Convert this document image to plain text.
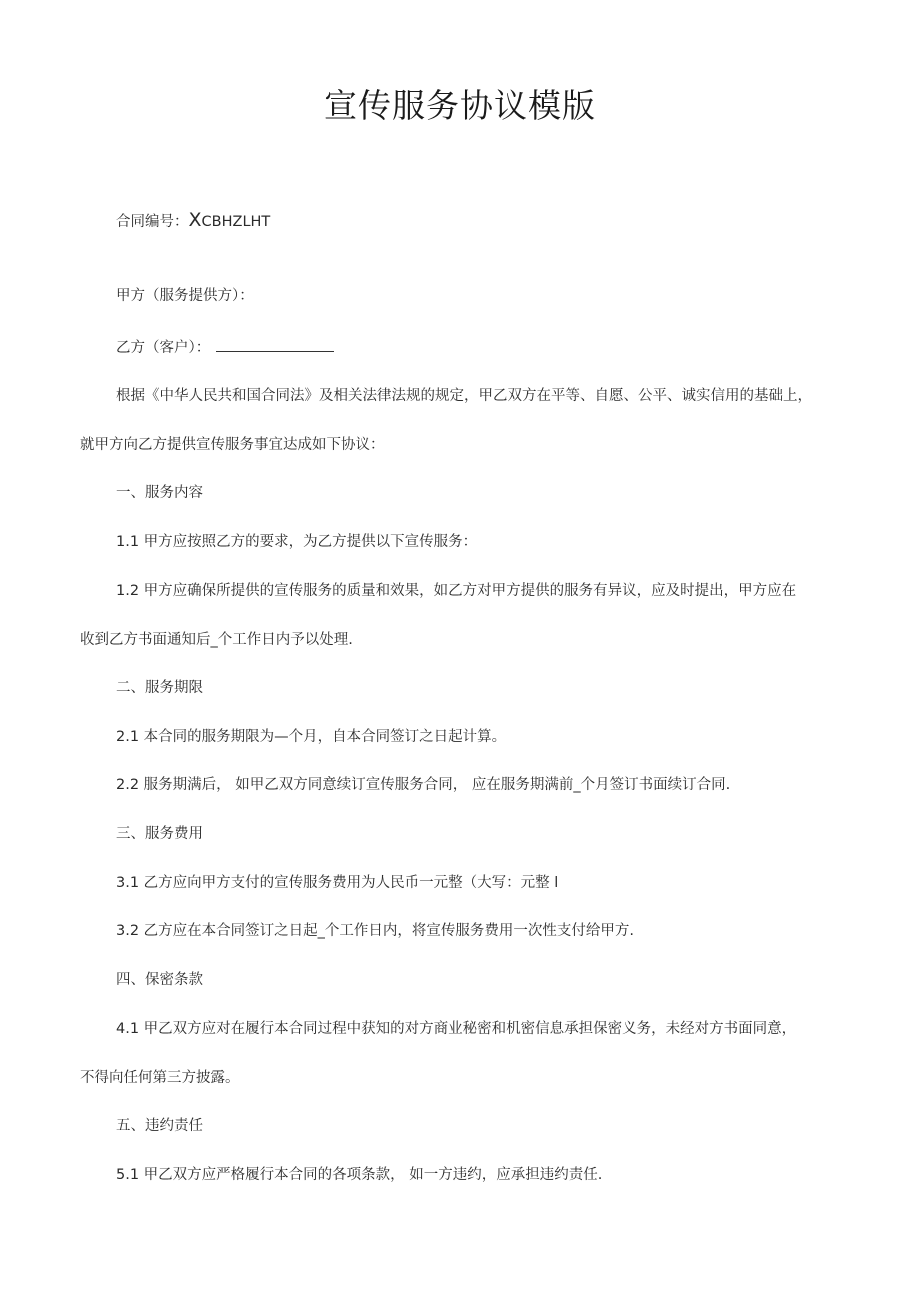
宣传服务协议模版
合同编号：XCBHZLHT
甲方（服务提供方）：
乙方（客户）：
根据《中华人民共和国合同法》及相关法律法规的规定，甲乙双方在平等、自愿、公平、诚实信用的基础上，
就甲方向乙方提供宣传服务事宜达成如下协议：
一、服务内容
1.1 甲方应按照乙方的要求，为乙方提供以下宣传服务：
1.2 甲方应确保所提供的宣传服务的质量和效果，如乙方对甲方提供的服务有异议，应及时提出，甲方应在
收到乙方书面通知后_个工作日内予以处理.
二、服务期限
2.1 本合同的服务期限为—个月，自本合同签订之日起计算。
2.2 服务期满后， 如甲乙双方同意续订宣传服务合同， 应在服务期满前_个月签订书面续订合同.
三、服务费用
3.1 乙方应向甲方支付的宣传服务费用为人民币一元整（大写：元整 l
3.2 乙方应在本合同签订之日起_个工作日内，将宣传服务费用一次性支付给甲方.
四、保密条款
4.1 甲乙双方应对在履行本合同过程中获知的对方商业秘密和机密信息承担保密义务，未经对方书面同意，
不得向任何第三方披露。
五、违约责任
5.1 甲乙双方应严格履行本合同的各项条款， 如一方违约，应承担违约责任.
